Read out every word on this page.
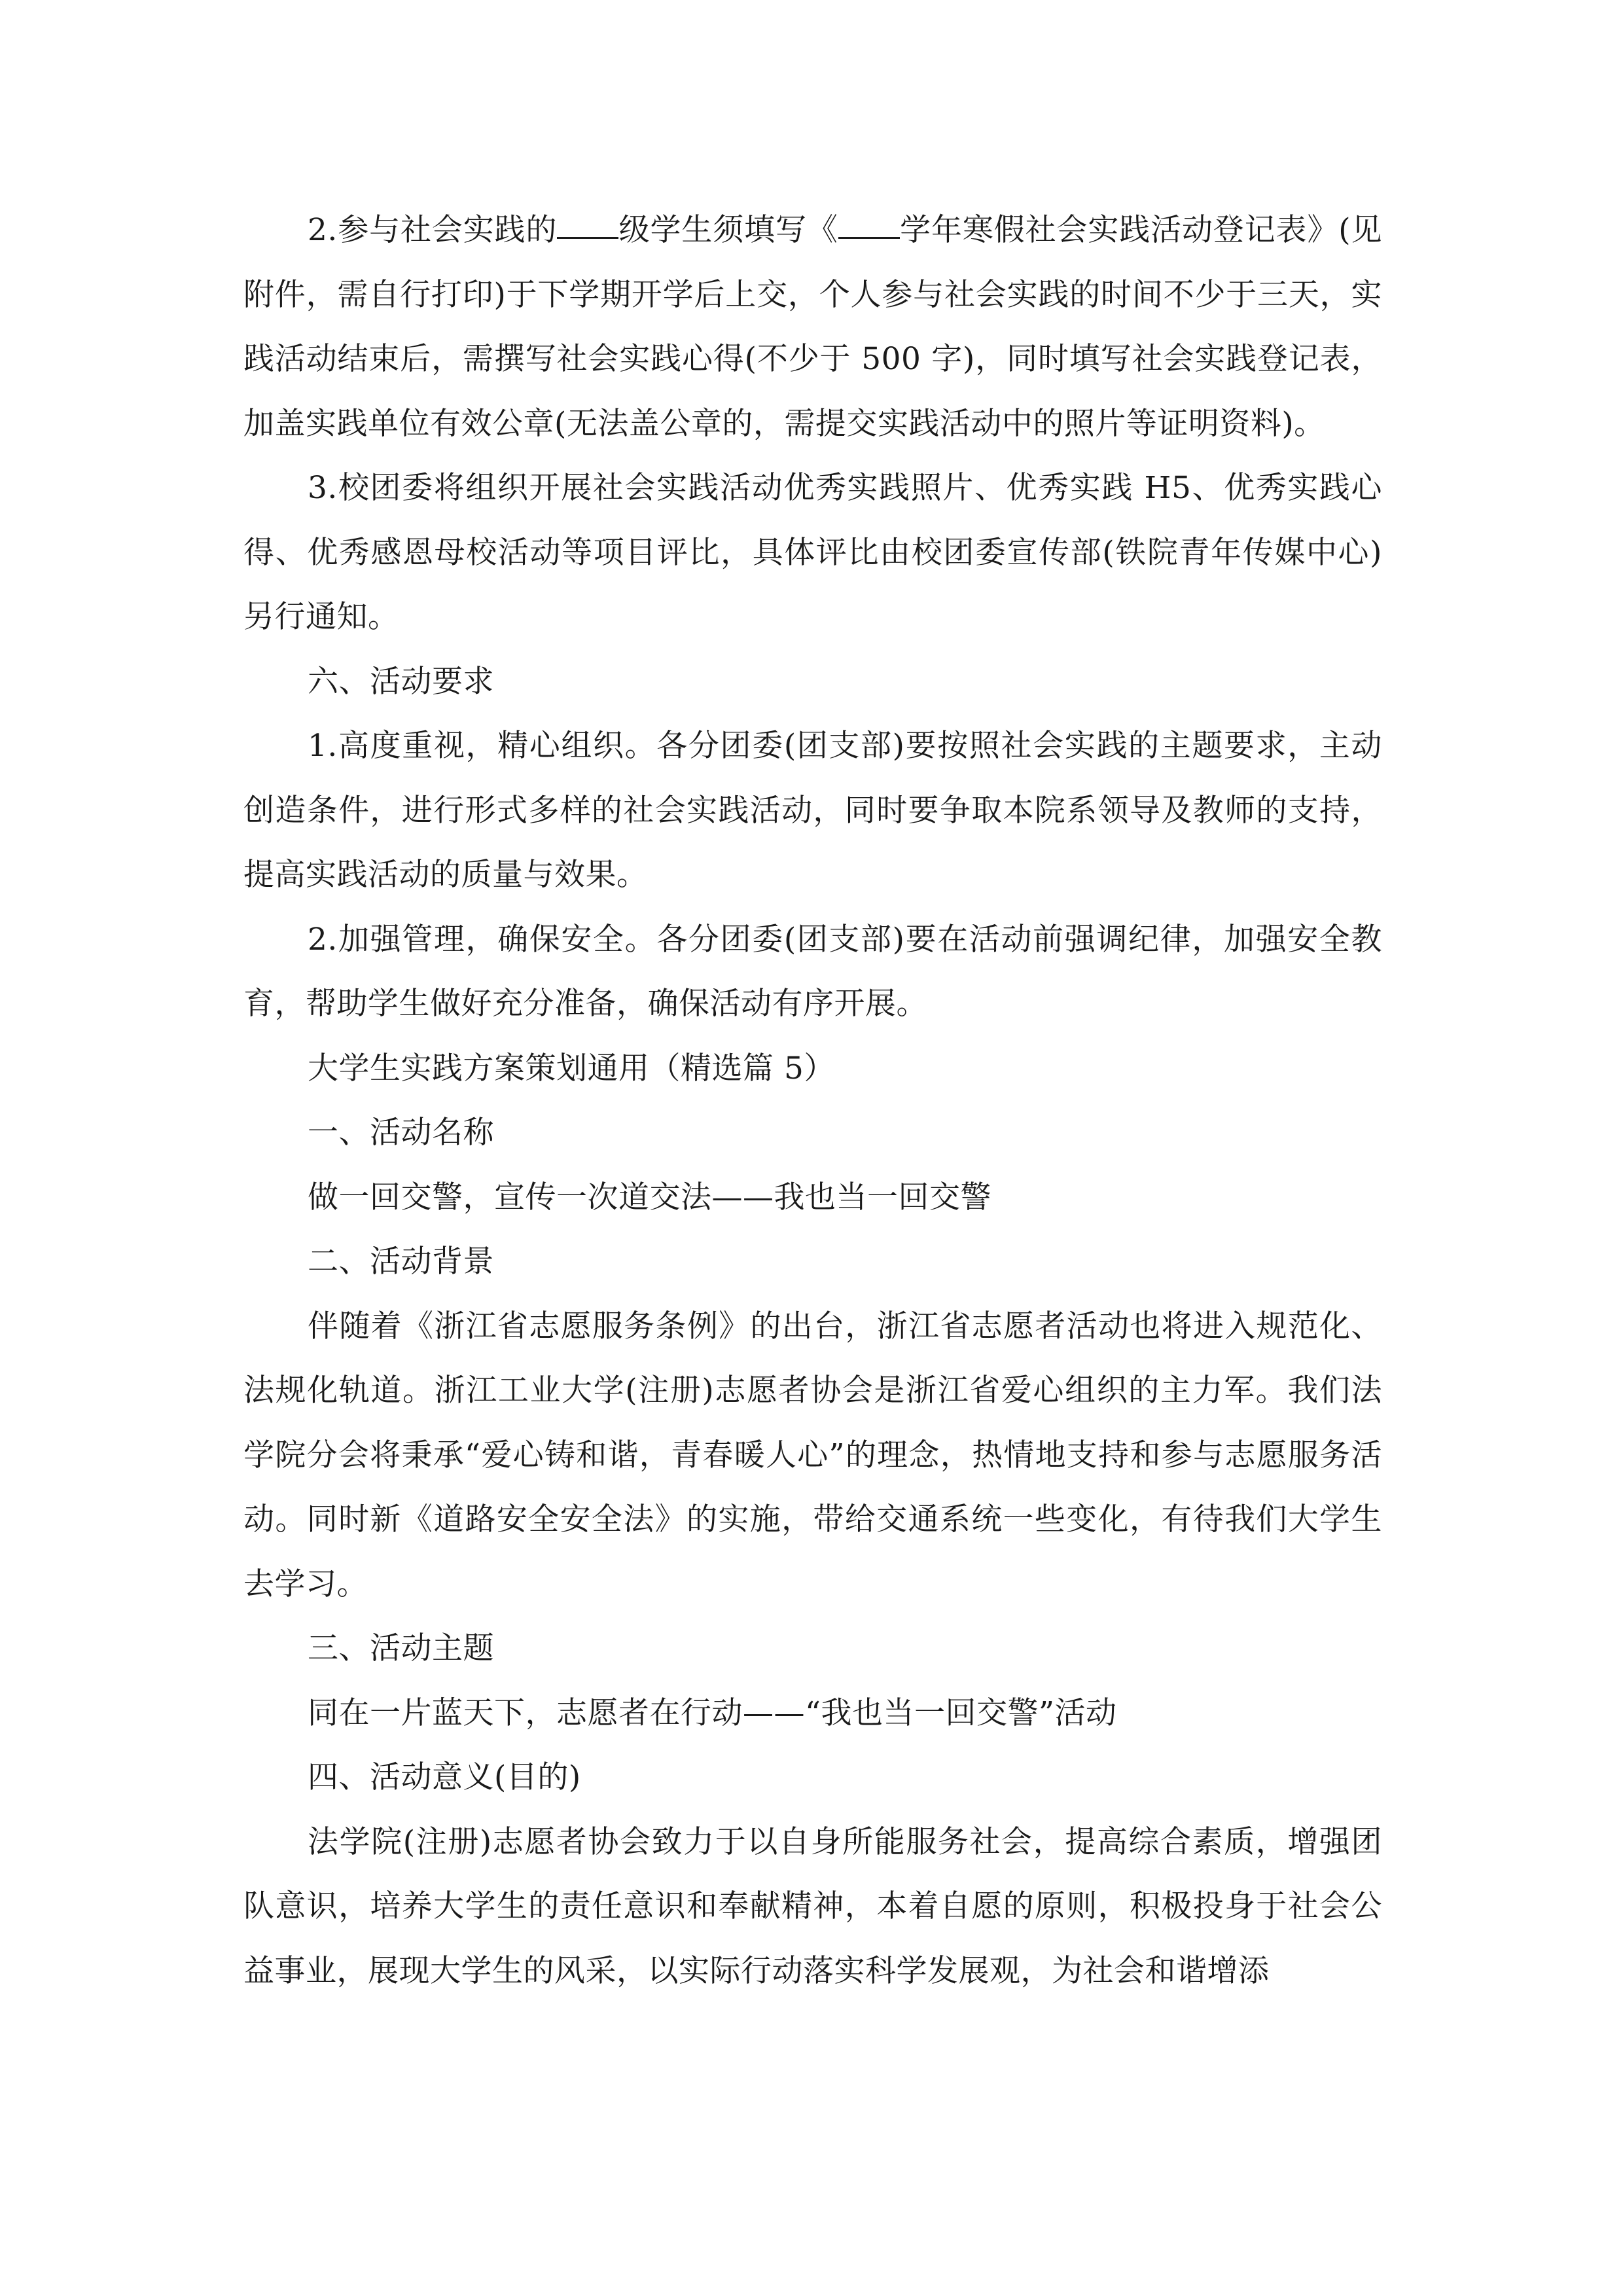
2.参与社会实践的 级学生须填写《 学年寒假社会实践活动登记表》(见附件，需自行打印)于下学期开学后上交，个人参与社会实践的时间不少于三天，实践活动结束后，需撰写社会实践心得(不少于 500 字)，同时填写社会实践登记表，加盖实践单位有效公章(无法盖公章的，需提交实践活动中的照片等证明资料)。

3.校团委将组织开展社会实践活动优秀实践照片、优秀实践 H5、优秀实践心得、优秀感恩母校活动等项目评比，具体评比由校团委宣传部(铁院青年传媒中心)另行通知。

六、活动要求

1.高度重视，精心组织。各分团委(团支部)要按照社会实践的主题要求，主动创造条件，进行形式多样的社会实践活动，同时要争取本院系领导及教师的支持，提高实践活动的质量与效果。

2.加强管理，确保安全。各分团委(团支部)要在活动前强调纪律，加强安全教育，帮助学生做好充分准备，确保活动有序开展。

大学生实践方案策划通用（精选篇 5）

一、活动名称

做一回交警，宣传一次道交法——我也当一回交警

二、活动背景

伴随着《浙江省志愿服务条例》的出台，浙江省志愿者活动也将进入规范化、法规化轨道。浙江工业大学(注册)志愿者协会是浙江省爱心组织的主力军。我们法学院分会将秉承“爱心铸和谐，青春暖人心”的理念，热情地支持和参与志愿服务活动。同时新《道路安全安全法》的实施，带给交通系统一些变化，有待我们大学生去学习。

三、活动主题

同在一片蓝天下，志愿者在行动——“我也当一回交警”活动

四、活动意义(目的)

法学院(注册)志愿者协会致力于以自身所能服务社会，提高综合素质，增强团队意识，培养大学生的责任意识和奉献精神，本着自愿的原则，积极投身于社会公益事业，展现大学生的风采，以实际行动落实科学发展观，为社会和谐增添
